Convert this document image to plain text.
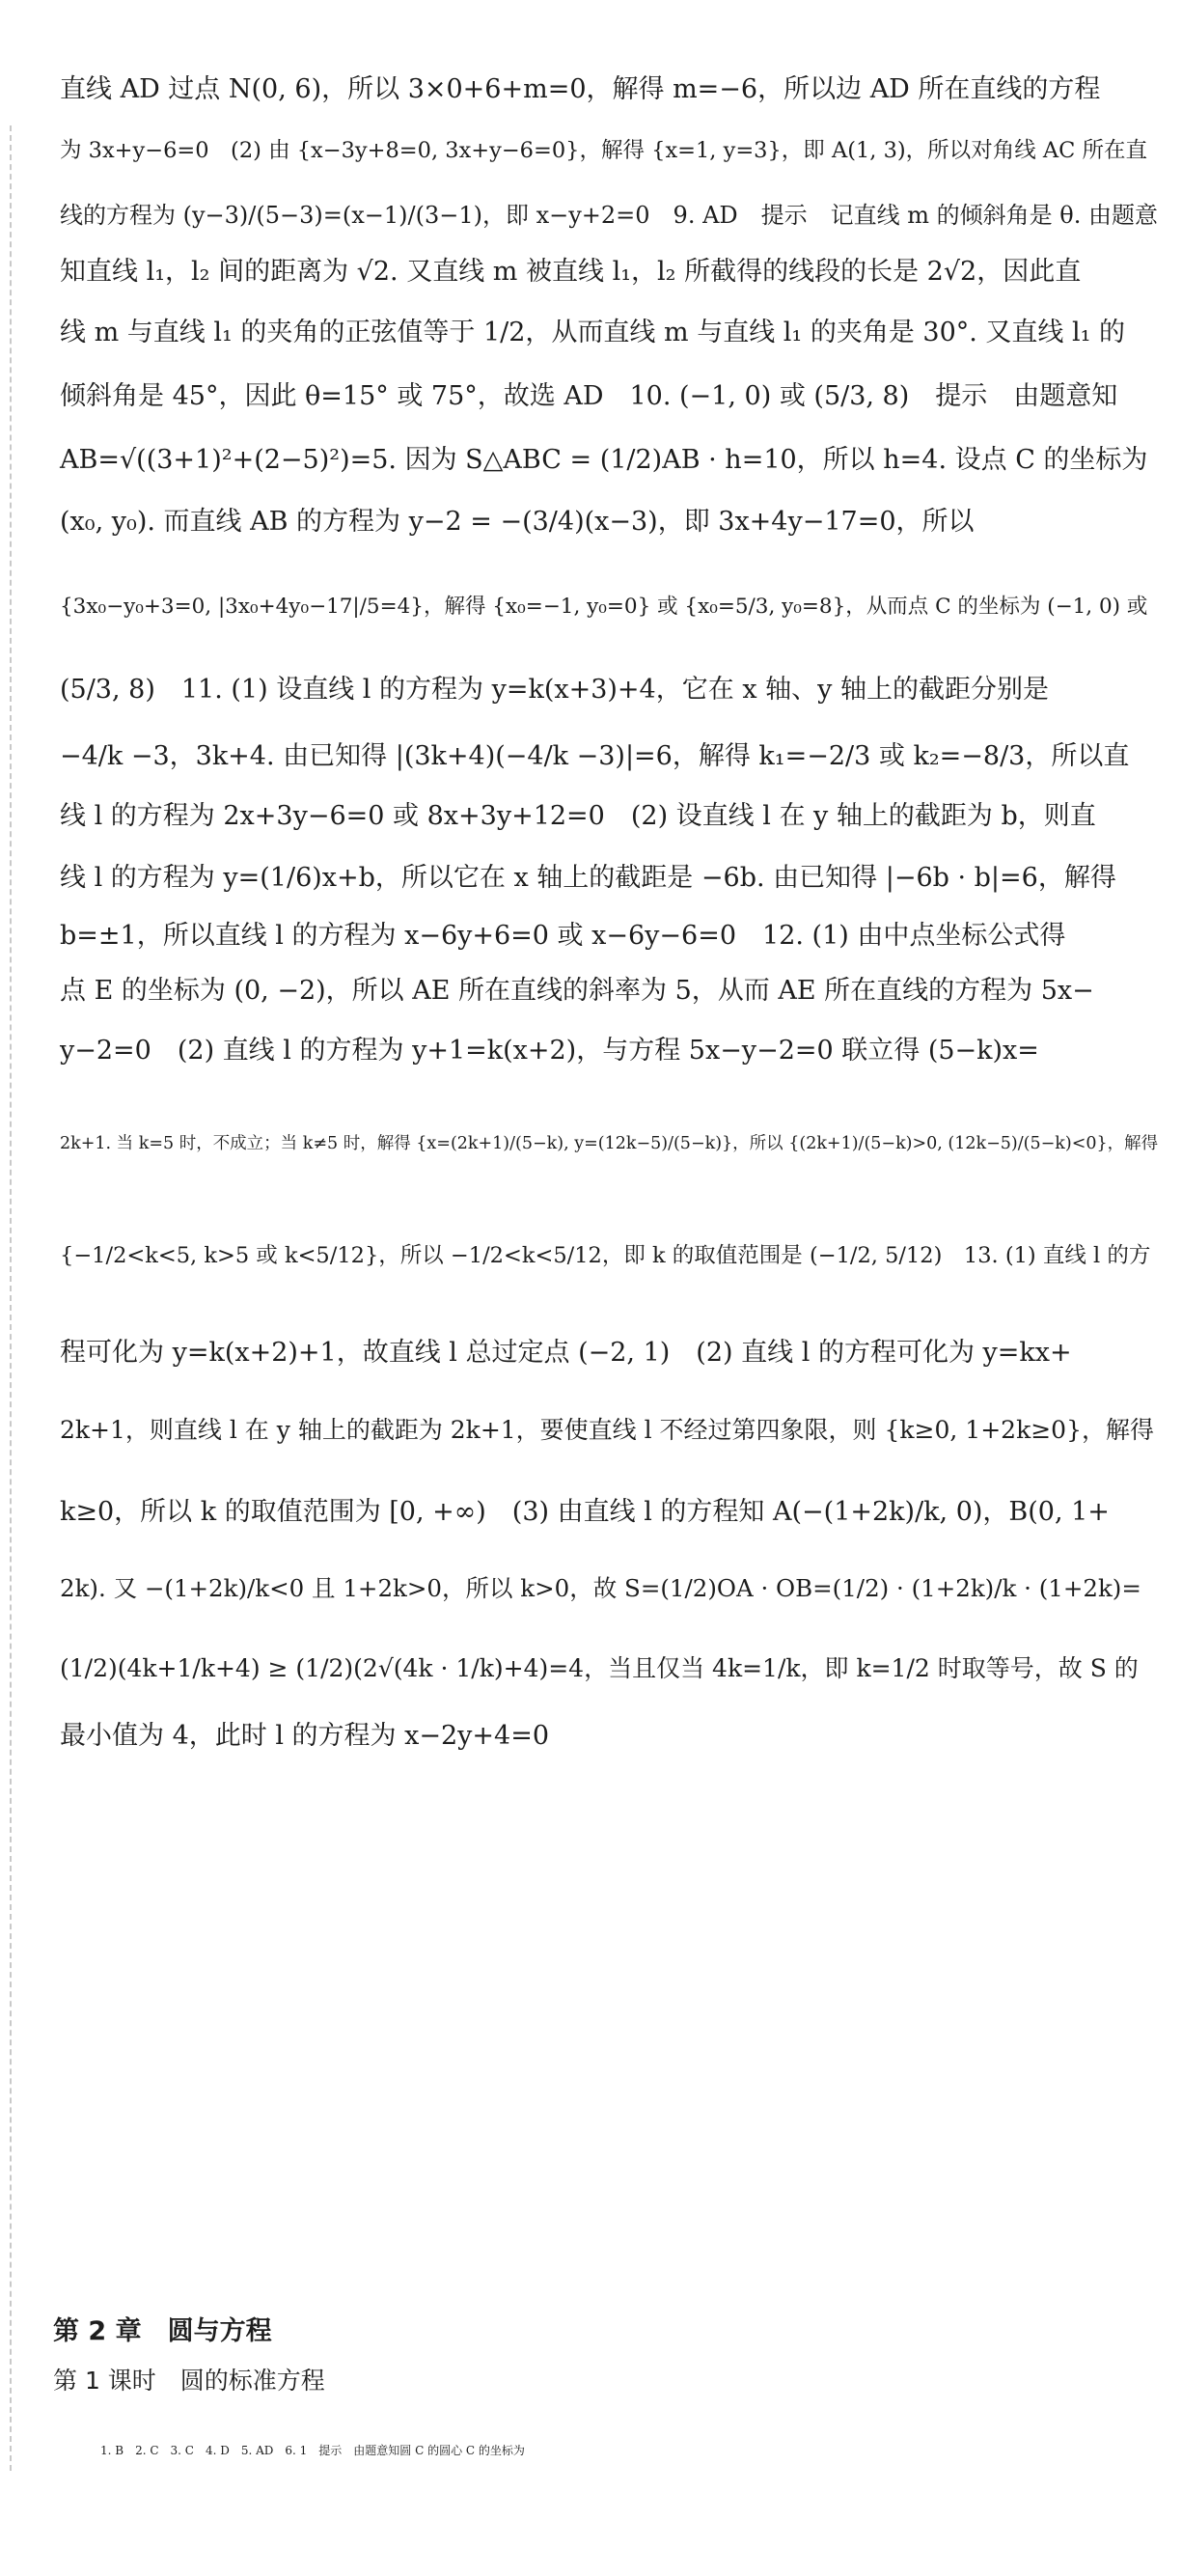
直线 AD 过点 N(0, 6)，所以 3×0+6+m=0，解得 m=−6，所以边 AD 所在直线的方程
为 3x+y−6=0　(2) 由 {x−3y+8=0, 3x+y−6=0}，解得 {x=1, y=3}，即 A(1, 3)，所以对角线 AC 所在直
线的方程为 (y−3)/(5−3)=(x−1)/(3−1)，即 x−y+2=0　9. AD　提示　记直线 m 的倾斜角是 θ. 由题意
知直线 l₁，l₂ 间的距离为 √2. 又直线 m 被直线 l₁，l₂ 所截得的线段的长是 2√2，因此直
线 m 与直线 l₁ 的夹角的正弦值等于 1/2，从而直线 m 与直线 l₁ 的夹角是 30°. 又直线 l₁ 的
倾斜角是 45°，因此 θ=15° 或 75°，故选 AD　10. (−1, 0) 或 (5/3, 8)　提示　由题意知
AB=√((3+1)²+(2−5)²)=5. 因为 S△ABC = (1/2)AB · h=10，所以 h=4. 设点 C 的坐标为
(x₀, y₀). 而直线 AB 的方程为 y−2 = −(3/4)(x−3)，即 3x+4y−17=0，所以
{3x₀−y₀+3=0, |3x₀+4y₀−17|/5=4}，解得 {x₀=−1, y₀=0} 或 {x₀=5/3, y₀=8}，从而点 C 的坐标为 (−1, 0) 或
(5/3, 8)　11. (1) 设直线 l 的方程为 y=k(x+3)+4，它在 x 轴、y 轴上的截距分别是
−4/k −3，3k+4. 由已知得 |(3k+4)(−4/k −3)|=6，解得 k₁=−2/3 或 k₂=−8/3，所以直
线 l 的方程为 2x+3y−6=0 或 8x+3y+12=0　(2) 设直线 l 在 y 轴上的截距为 b，则直
线 l 的方程为 y=(1/6)x+b，所以它在 x 轴上的截距是 −6b. 由已知得 |−6b · b|=6，解得
b=±1，所以直线 l 的方程为 x−6y+6=0 或 x−6y−6=0　12. (1) 由中点坐标公式得
点 E 的坐标为 (0, −2)，所以 AE 所在直线的斜率为 5，从而 AE 所在直线的方程为 5x−
y−2=0　(2) 直线 l 的方程为 y+1=k(x+2)，与方程 5x−y−2=0 联立得 (5−k)x=
2k+1. 当 k=5 时，不成立；当 k≠5 时，解得 {x=(2k+1)/(5−k), y=(12k−5)/(5−k)}，所以 {(2k+1)/(5−k)>0, (12k−5)/(5−k)<0}，解得
{−1/2<k<5, k>5 或 k<5/12}，所以 −1/2<k<5/12，即 k 的取值范围是 (−1/2, 5/12)　13. (1) 直线 l 的方
程可化为 y=k(x+2)+1，故直线 l 总过定点 (−2, 1)　(2) 直线 l 的方程可化为 y=kx+
2k+1，则直线 l 在 y 轴上的截距为 2k+1，要使直线 l 不经过第四象限，则 {k≥0, 1+2k≥0}，解得
k≥0，所以 k 的取值范围为 [0, +∞)　(3) 由直线 l 的方程知 A(−(1+2k)/k, 0)，B(0, 1+
2k). 又 −(1+2k)/k<0 且 1+2k>0，所以 k>0，故 S=(1/2)OA · OB=(1/2) · (1+2k)/k · (1+2k)=
(1/2)(4k+1/k+4) ≥ (1/2)(2√(4k · 1/k)+4)=4，当且仅当 4k=1/k，即 k=1/2 时取等号，故 S 的
最小值为 4，此时 l 的方程为 x−2y+4=0
第 2 章　圆与方程
第 1 课时　圆的标准方程
1. B　2. C　3. C　4. D　5. AD　6. 1　提示　由题意知圆 C 的圆心 C 的坐标为
